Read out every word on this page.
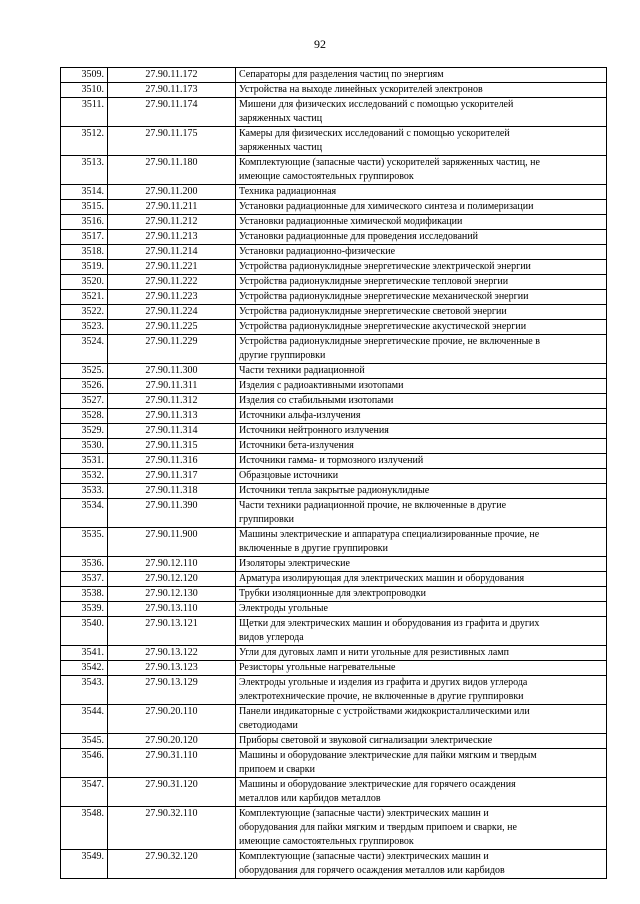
92
3509.	27.90.11.172	Сепараторы для разделения частиц по энергиям

3510.	27.90.11.173	Устройства на выходе линейных ускорителей электронов

3511.	27.90.11.174	Мишени для физических исследований с помощью ускорителей
заряженных частиц

3512.	27.90.11.175	Камеры для физических исследований с помощью ускорителей
заряженных частиц

3513.	27.90.11.180	Комплектующие (запасные части) ускорителей заряженных частиц, не
имеющие самостоятельных группировок

3514.	27.90.11.200	Техника радиационная

3515.	27.90.11.211	Установки радиационные для химического синтеза и полимеризации

3516.	27.90.11.212	Установки радиационные химической модификации

3517.	27.90.11.213	Установки радиационные для проведения исследований

3518.	27.90.11.214	Установки радиационно-физические

3519.	27.90.11.221	Устройства радионуклидные энергетические электрической энергии

3520.	27.90.11.222	Устройства радионуклидные энергетические тепловой энергии

3521.	27.90.11.223	Устройства радионуклидные энергетические механической энергии

3522.	27.90.11.224	Устройства радионуклидные энергетические световой энергии

3523.	27.90.11.225	Устройства радионуклидные энергетические акустической энергии

3524.	27.90.11.229	Устройства радионуклидные энергетические прочие, не включенные в
другие группировки

3525.	27.90.11.300	Части техники радиационной

3526.	27.90.11.311	Изделия с радиоактивными изотопами

3527.	27.90.11.312	Изделия со стабильными изотопами

3528.	27.90.11.313	Источники альфа-излучения

3529.	27.90.11.314	Источники нейтронного излучения

3530.	27.90.11.315	Источники бета-излучения

3531.	27.90.11.316	Источники гамма- и тормозного излучений

3532.	27.90.11.317	Образцовые источники

3533.	27.90.11.318	Источники тепла закрытые радионуклидные

3534.	27.90.11.390	Части техники радиационной прочие, не включенные в другие
группировки

3535.	27.90.11.900	Машины электрические и аппаратура специализированные прочие, не
включенные в другие группировки

3536.	27.90.12.110	Изоляторы электрические

3537.	27.90.12.120	Арматура изолирующая для электрических машин и оборудования

3538.	27.90.12.130	Трубки изоляционные для электропроводки

3539.	27.90.13.110	Электроды угольные

3540.	27.90.13.121	Щетки для электрических машин и оборудования из графита и других
видов углерода

3541.	27.90.13.122	Угли для дуговых ламп и нити угольные для резистивных ламп

3542.	27.90.13.123	Резисторы угольные нагревательные

3543.	27.90.13.129	Электроды угольные и изделия из графита и других видов углерода
электротехнические прочие, не включенные в другие группировки

3544.	27.90.20.110	Панели индикаторные с устройствами жидкокристаллическими или
светодиодами

3545.	27.90.20.120	Приборы световой и звуковой сигнализации электрические

3546.	27.90.31.110	Машины и оборудование электрические для пайки мягким и твердым
припоем и сварки

3547.	27.90.31.120	Машины и оборудование электрические для горячего осаждения
металлов или карбидов металлов

3548.	27.90.32.110	Комплектующие (запасные части) электрических машин и
оборудования для пайки мягким и твердым припоем и сварки, не
имеющие самостоятельных группировок

3549.	27.90.32.120	Комплектующие (запасные части) электрических машин и
оборудования для горячего осаждения металлов или карбидов
